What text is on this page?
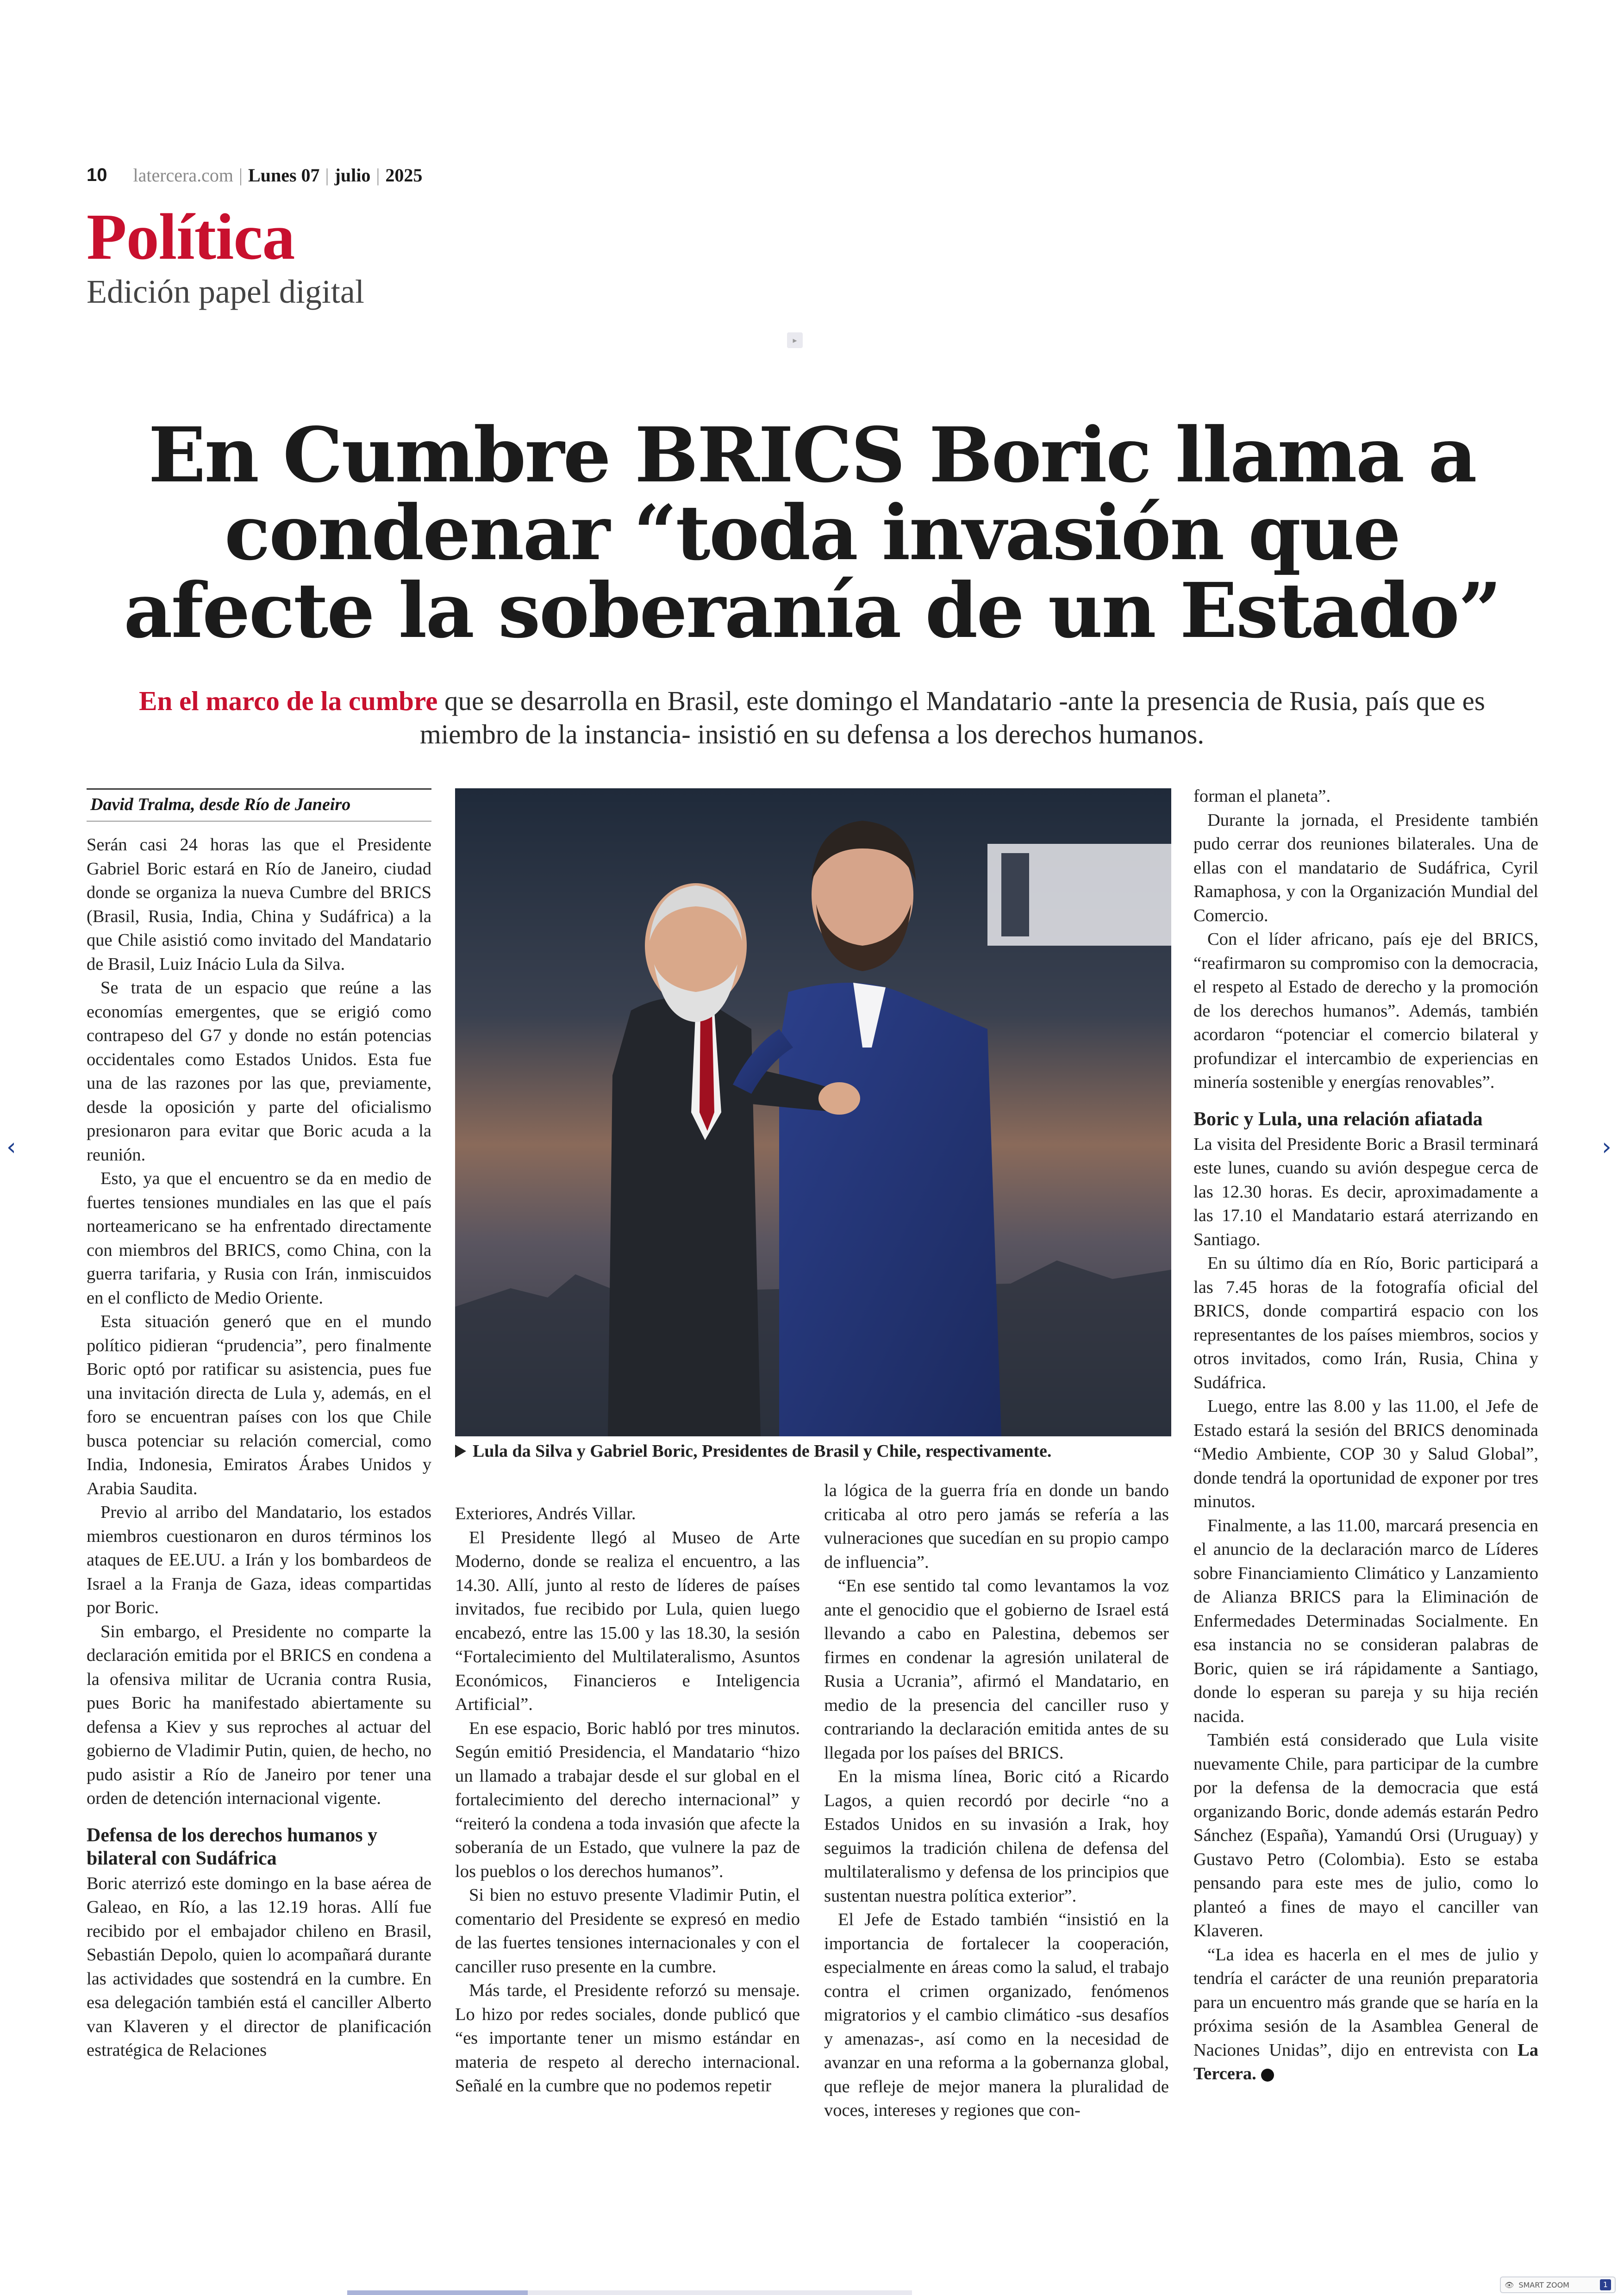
10 latercera.com | Lunes 07 | julio | 2025
Política
Edición papel digital
▸
En Cumbre BRICS Boric llama a condenar “toda invasión que afecte la soberanía de un Estado”
En el marco de la cumbre que se desarrolla en Brasil, este domingo el Mandatario -ante la presencia de Rusia, país que es miembro de la instancia- insistió en su defensa a los derechos humanos.
David Tralma, desde Río de Janeiro

Serán casi 24 horas las que el Presidente Gabriel Boric estará en Río de Janeiro, ciudad donde se organiza la nueva Cumbre del BRICS (Brasil, Rusia, India, China y Sudáfrica) a la que Chile asistió como invitado del Mandatario de Brasil, Luiz Inácio Lula da Silva.

Se trata de un espacio que reúne a las economías emergentes, que se erigió como contrapeso del G7 y donde no están potencias occidentales como Estados Unidos. Esta fue una de las razones por las que, previamente, desde la oposición y parte del oficialismo presionaron para evitar que Boric acuda a la reunión.

Esto, ya que el encuentro se da en medio de fuertes tensiones mundiales en las que el país norteamericano se ha enfrentado directamente con miembros del BRICS, como China, con la guerra tarifaria, y Rusia con Irán, inmiscuidos en el conflicto de Medio Oriente.

Esta situación generó que en el mundo político pidieran “prudencia”, pero finalmente Boric optó por ratificar su asistencia, pues fue una invitación directa de Lula y, además, en el foro se encuentran países con los que Chile busca potenciar su relación comercial, como India, Indonesia, Emiratos Árabes Unidos y Arabia Saudita.

Previo al arribo del Mandatario, los estados miembros cuestionaron en duros términos los ataques de EE.UU. a Irán y los bombardeos de Israel a la Franja de Gaza, ideas compartidas por Boric.

Sin embargo, el Presidente no comparte la declaración emitida por el BRICS en condena a la ofensiva militar de Ucrania contra Rusia, pues Boric ha manifestado abiertamente su defensa a Kiev y sus reproches al actuar del gobierno de Vladimir Putin, quien, de hecho, no pudo asistir a Río de Janeiro por tener una orden de detención internacional vigente.

Defensa de los derechos humanos y bilateral con Sudáfrica

Boric aterrizó este domingo en la base aérea de Galeao, en Río, a las 12.19 horas. Allí fue recibido por el embajador chileno en Brasil, Sebastián Depolo, quien lo acompañará durante las actividades que sostendrá en la cumbre. En esa delegación también está el canciller Alberto van Klaveren y el director de planificación estratégica de Relaciones

Lula da Silva y Gabriel Boric, Presidentes de Brasil y Chile, respectivamente.

Exteriores, Andrés Villar.

El Presidente llegó al Museo de Arte Moderno, donde se realiza el encuentro, a las 14.30. Allí, junto al resto de líderes de países invitados, fue recibido por Lula, quien luego encabezó, entre las 15.00 y las 18.30, la sesión “Fortalecimiento del Multilateralismo, Asuntos Económicos, Financieros e Inteligencia Artificial”.

En ese espacio, Boric habló por tres minutos. Según emitió Presidencia, el Mandatario “hizo un llamado a trabajar desde el sur global en el fortalecimiento del derecho internacional” y “reiteró la condena a toda invasión que afecte la soberanía de un Estado, que vulnere la paz de los pueblos o los derechos humanos”.

Si bien no estuvo presente Vladimir Putin, el comentario del Presidente se expresó en medio de las fuertes tensiones internacionales y con el canciller ruso presente en la cumbre.

Más tarde, el Presidente reforzó su mensaje. Lo hizo por redes sociales, donde publicó que “es importante tener un mismo estándar en materia de respeto al derecho internacional. Señalé en la cumbre que no podemos repetir

la lógica de la guerra fría en donde un bando criticaba al otro pero jamás se refería a las vulneraciones que sucedían en su propio campo de influencia”.

“En ese sentido tal como levantamos la voz ante el genocidio que el gobierno de Israel está llevando a cabo en Palestina, debemos ser firmes en condenar la agresión unilateral de Rusia a Ucrania”, afirmó el Mandatario, en medio de la presencia del canciller ruso y contrariando la declaración emitida antes de su llegada por los países del BRICS.

En la misma línea, Boric citó a Ricardo Lagos, a quien recordó por decirle “no a Estados Unidos en su invasión a Irak, hoy seguimos la tradición chilena de defensa del multilateralismo y defensa de los principios que sustentan nuestra política exterior”.

El Jefe de Estado también “insistió en la importancia de fortalecer la cooperación, especialmente en áreas como la salud, el trabajo contra el crimen organizado, fenómenos migratorios y el cambio climático -sus desafíos y amenazas-, así como en la necesidad de avanzar en una reforma a la gobernanza global, que refleje de mejor manera la pluralidad de voces, intereses y regiones que con-

forman el planeta”.

Durante la jornada, el Presidente también pudo cerrar dos reuniones bilaterales. Una de ellas con el mandatario de Sudáfrica, Cyril Ramaphosa, y con la Organización Mundial del Comercio.

Con el líder africano, país eje del BRICS, “reafirmaron su compromiso con la democracia, el respeto al Estado de derecho y la promoción de los derechos humanos”. Además, también acordaron “potenciar el comercio bilateral y profundizar el intercambio de experiencias en minería sostenible y energías renovables”.

Boric y Lula, una relación afiatada

La visita del Presidente Boric a Brasil terminará este lunes, cuando su avión despegue cerca de las 12.30 horas. Es decir, aproximadamente a las 17.10 el Mandatario estará aterrizando en Santiago.

En su último día en Río, Boric participará a las 7.45 horas de la fotografía oficial del BRICS, donde compartirá espacio con los representantes de los países miembros, socios y otros invitados, como Irán, Rusia, China y Sudáfrica.

Luego, entre las 8.00 y las 11.00, el Jefe de Estado estará la sesión del BRICS denominada “Medio Ambiente, COP 30 y Salud Global”, donde tendrá la oportunidad de exponer por tres minutos.

Finalmente, a las 11.00, marcará presencia en el anuncio de la declaración marco de Líderes sobre Financiamiento Climático y Lanzamiento de Alianza BRICS para la Eliminación de Enfermedades Determinadas Socialmente. En esa instancia no se consideran palabras de Boric, quien se irá rápidamente a Santiago, donde lo esperan su pareja y su hija recién nacida.

También está considerado que Lula visite nuevamente Chile, para participar de la cumbre por la defensa de la democracia que está organizando Boric, donde además estarán Pedro Sánchez (España), Yamandú Orsi (Uruguay) y Gustavo Petro (Colombia). Esto se estaba pensando para este mes de julio, como lo planteó a fines de mayo el canciller van Klaveren.

“La idea es hacerla en el mes de julio y tendría el carácter de una reunión preparatoria para un encuentro más grande que se haría en la próxima sesión de la Asamblea General de Naciones Unidas”, dijo en entrevista con La Tercera.

‹	›
👁 SMART ZOOM	1
